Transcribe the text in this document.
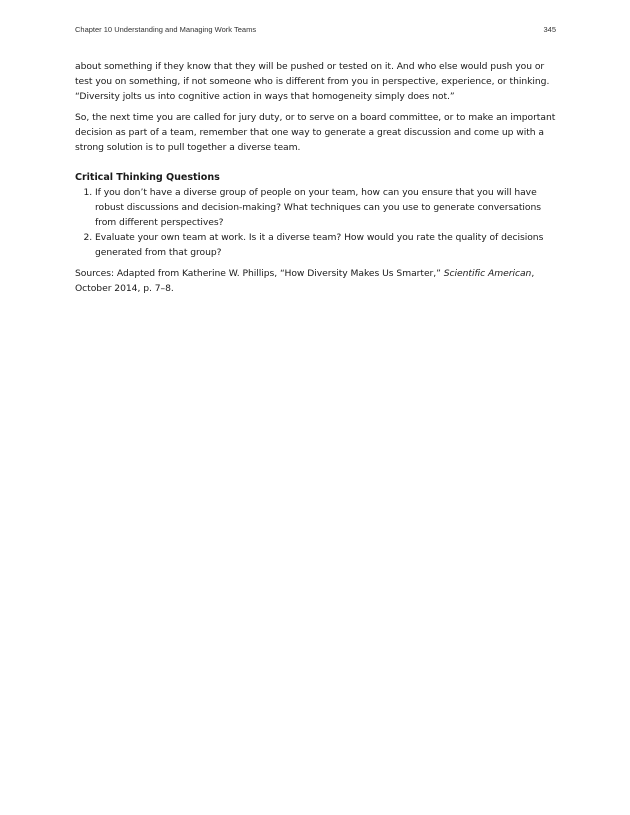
Chapter 10 Understanding and Managing Work Teams	345

about something if they know that they will be pushed or tested on it. And who else would push you or test you on something, if not someone who is different from you in perspective, experience, or thinking. “Diversity jolts us into cognitive action in ways that homogeneity simply does not.”

So, the next time you are called for jury duty, or to serve on a board committee, or to make an important decision as part of a team, remember that one way to generate a great discussion and come up with a strong solution is to pull together a diverse team.

Critical Thinking Questions
1. If you don’t have a diverse group of people on your team, how can you ensure that you will have robust discussions and decision-making? What techniques can you use to generate conversations from different perspectives?
2. Evaluate your own team at work. Is it a diverse team? How would you rate the quality of decisions generated from that group?

Sources: Adapted from Katherine W. Phillips, “How Diversity Makes Us Smarter,” Scientific American, October 2014, p. 7–8.
